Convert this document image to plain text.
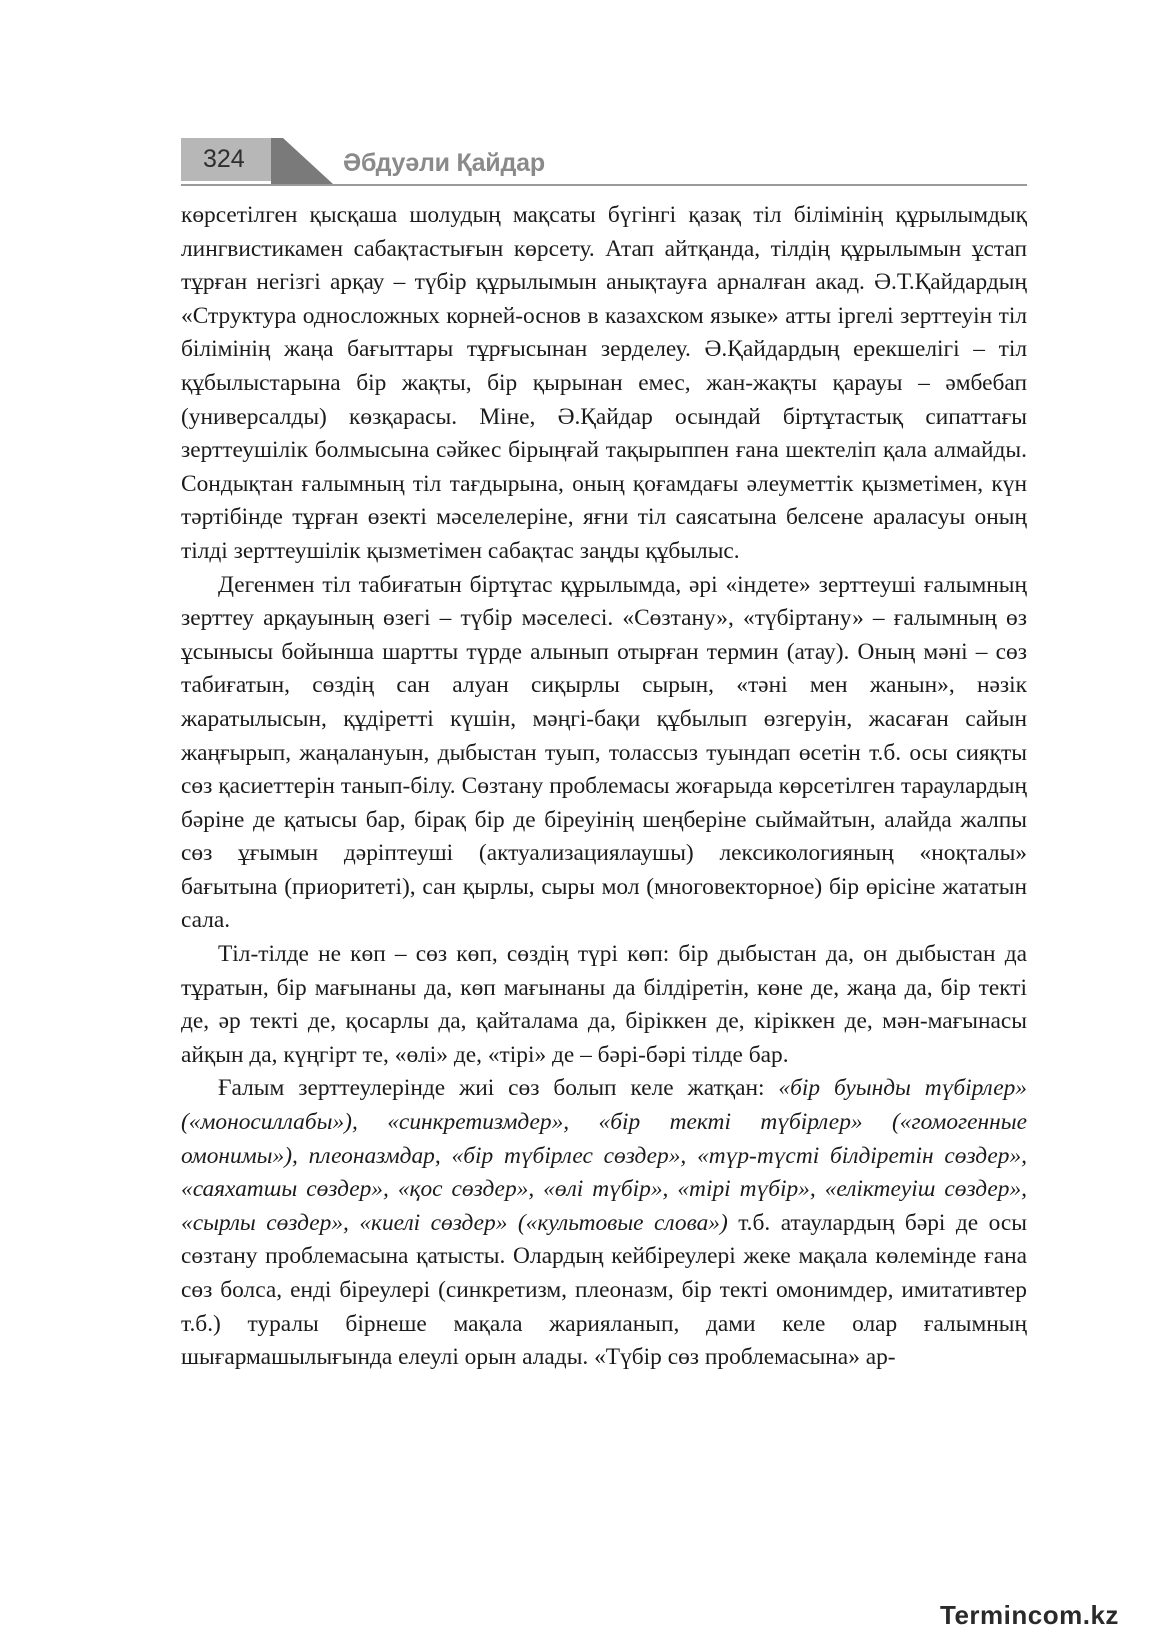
324	Әбдуәли Қайдар

көрсетілген қысқаша шолудың мақсаты бүгінгі қазақ тіл білімінің құрылымдық лингвистикамен сабақтастығын көрсету. Атап айтқанда, тілдің құрылымын ұстап тұрған негізгі арқау – түбір құрылымын анықтауға арналған акад. Ә.Т.Қайдардың «Структура односложных корней-основ в казахском языке» атты іргелі зерттеуін тіл білімінің жаңа бағыттары тұрғысынан зерделеу. Ә.Қайдардың ерекшелігі – тіл құбылыстарына бір жақты, бір қырынан емес, жан-жақты қарауы – әмбебап (универсалды) көзқарасы. Міне, Ә.Қайдар осындай біртұтастық сипаттағы зерттеушілік болмысына сәйкес бірыңғай тақырыппен ғана шектеліп қала алмайды. Сондықтан ғалымның тіл тағдырына, оның қоғамдағы әлеуметтік қызметімен, күн тәртібінде тұрған өзекті мәселелеріне, яғни тіл саясатына белсене араласуы оның тілді зерттеушілік қызметімен сабақтас заңды құбылыс.

Дегенмен тіл табиғатын біртұтас құрылымда, әрі «індете» зерттеуші ғалымның зерттеу арқауының өзегі – түбір мәселесі. «Сөзтану», «түбіртану» – ғалымның өз ұсынысы бойынша шартты түрде алынып отырған термин (атау). Оның мәні – сөз табиғатын, сөздің сан алуан сиқырлы сырын, «тәні мен жанын», нәзік жаратылысын, құдіретті күшін, мәңгі-бақи құбылып өзгеруін, жасаған сайын жаңғырып, жаңалануын, дыбыстан туып, толассыз туындап өсетін т.б. осы сияқты сөз қасиеттерін танып-білу. Сөзтану проблемасы жоғарыда көрсетілген тараулардың бәріне де қатысы бар, бірақ бір де біреуінің шеңберіне сыймайтын, алайда жалпы сөз ұғымын дәріптеуші (актуализациялаушы) лексикологияның «ноқталы» бағытына (приоритеті), сан қырлы, сыры мол (многовекторное) бір өрісіне жататын сала.

Тіл-тілде не көп – сөз көп, сөздің түрі көп: бір дыбыстан да, он дыбыстан да тұратын, бір мағынаны да, көп мағынаны да білдіретін, көне де, жаңа да, бір текті де, әр текті де, қосарлы да, қайталама да, біріккен де, кіріккен де, мән-мағынасы айқын да, күңгірт те, «өлі» де, «тірі» де – бәрі-бәрі тілде бар.

Ғалым зерттеулерінде жиі сөз болып келе жатқан: «бір буынды түбірлер» («моносиллабы»), «синкретизмдер», «бір текті түбірлер» («гомогенные омонимы»), плеоназмдар, «бір түбірлес сөздер», «түр-түсті білдіретін сөздер», «саяхатшы сөздер», «қос сөздер», «өлі түбір», «тірі түбір», «еліктеуіш сөздер», «сырлы сөздер», «киелі сөздер» («культовые слова») т.б. атаулардың бәрі де осы сөзтану проблемасына қатысты. Олардың кейбіреулері жеке мақала көлемінде ғана сөз болса, енді біреулері (синкретизм, плеоназм, бір текті омонимдер, имитативтер т.б.) туралы бірнеше мақала жарияланып, дами келе олар ғалымның шығармашылығында елеулі орын алады. «Түбір сөз проблемасына» ар-

Termincom.kz
